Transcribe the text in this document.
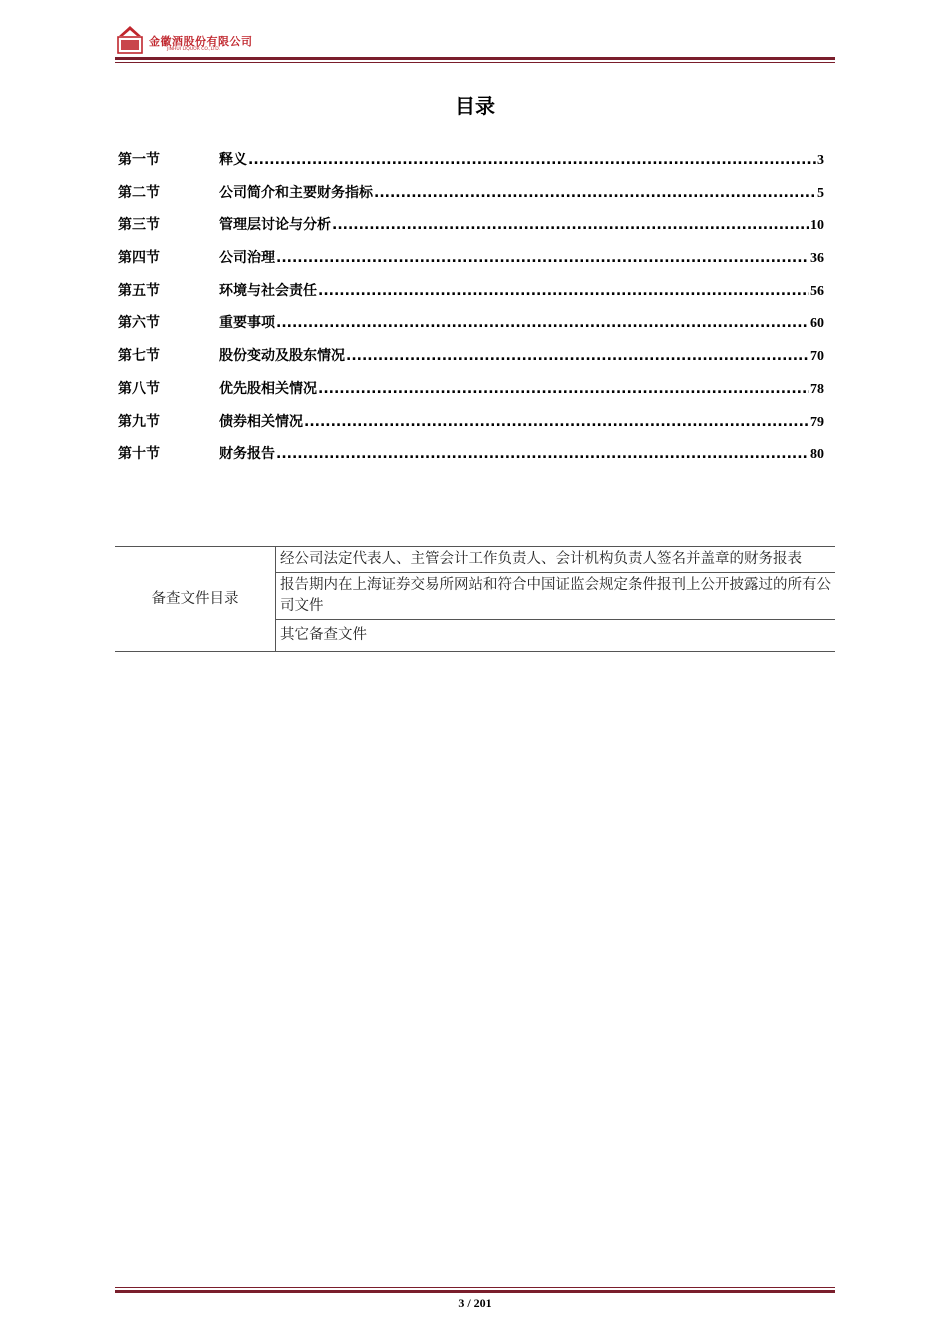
金徽酒股份有限公司
JINHUI LIQUOR CO.,LTD.
目录
第一节	释义 .....	3
第二节	公司简介和主要财务指标 .....	5
第三节	管理层讨论与分析 .....	10
第四节	公司治理 .....	36
第五节	环境与社会责任 .....	56
第六节	重要事项 .....	60
第七节	股份变动及股东情况 .....	70
第八节	优先股相关情况 .....	78
第九节	债券相关情况 .....	79
第十节	财务报告 .....	80
备查文件目录	经公司法定代表人、主管会计工作负责人、会计机构负责人签名并盖章的财务报表
报告期内在上海证券交易所网站和符合中国证监会规定条件报刊上公开披露过的所有公司文件
其它备查文件
3 / 201
